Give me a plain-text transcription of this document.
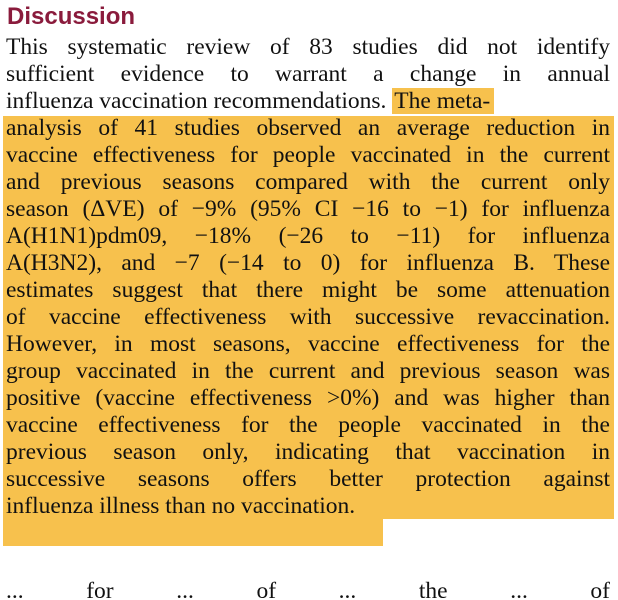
Discussion
This systematic review of 83 studies did not identify
sufficient evidence to warrant a change in annual
influenza vaccination recommendations. The meta-
analysis of 41 studies observed an average reduction in
vaccine effectiveness for people vaccinated in the current
and previous seasons compared with the current only
season (ΔVE) of −9% (95% CI −16 to −1) for influenza
A(H1N1)pdm09, −18% (−26 to −11) for influenza
A(H3N2), and −7 (−14 to 0) for influenza B. These
estimates suggest that there might be some attenuation
of vaccine effectiveness with successive revaccination.
However, in most seasons, vaccine effectiveness for the
group vaccinated in the current and previous season was
positive (vaccine effectiveness >0%) and was higher than
vaccine effectiveness for the people vaccinated in the
previous season only, indicating that vaccination in
successive seasons offers better protection against
influenza illness than no vaccination.
... for ... of ... the ... of
